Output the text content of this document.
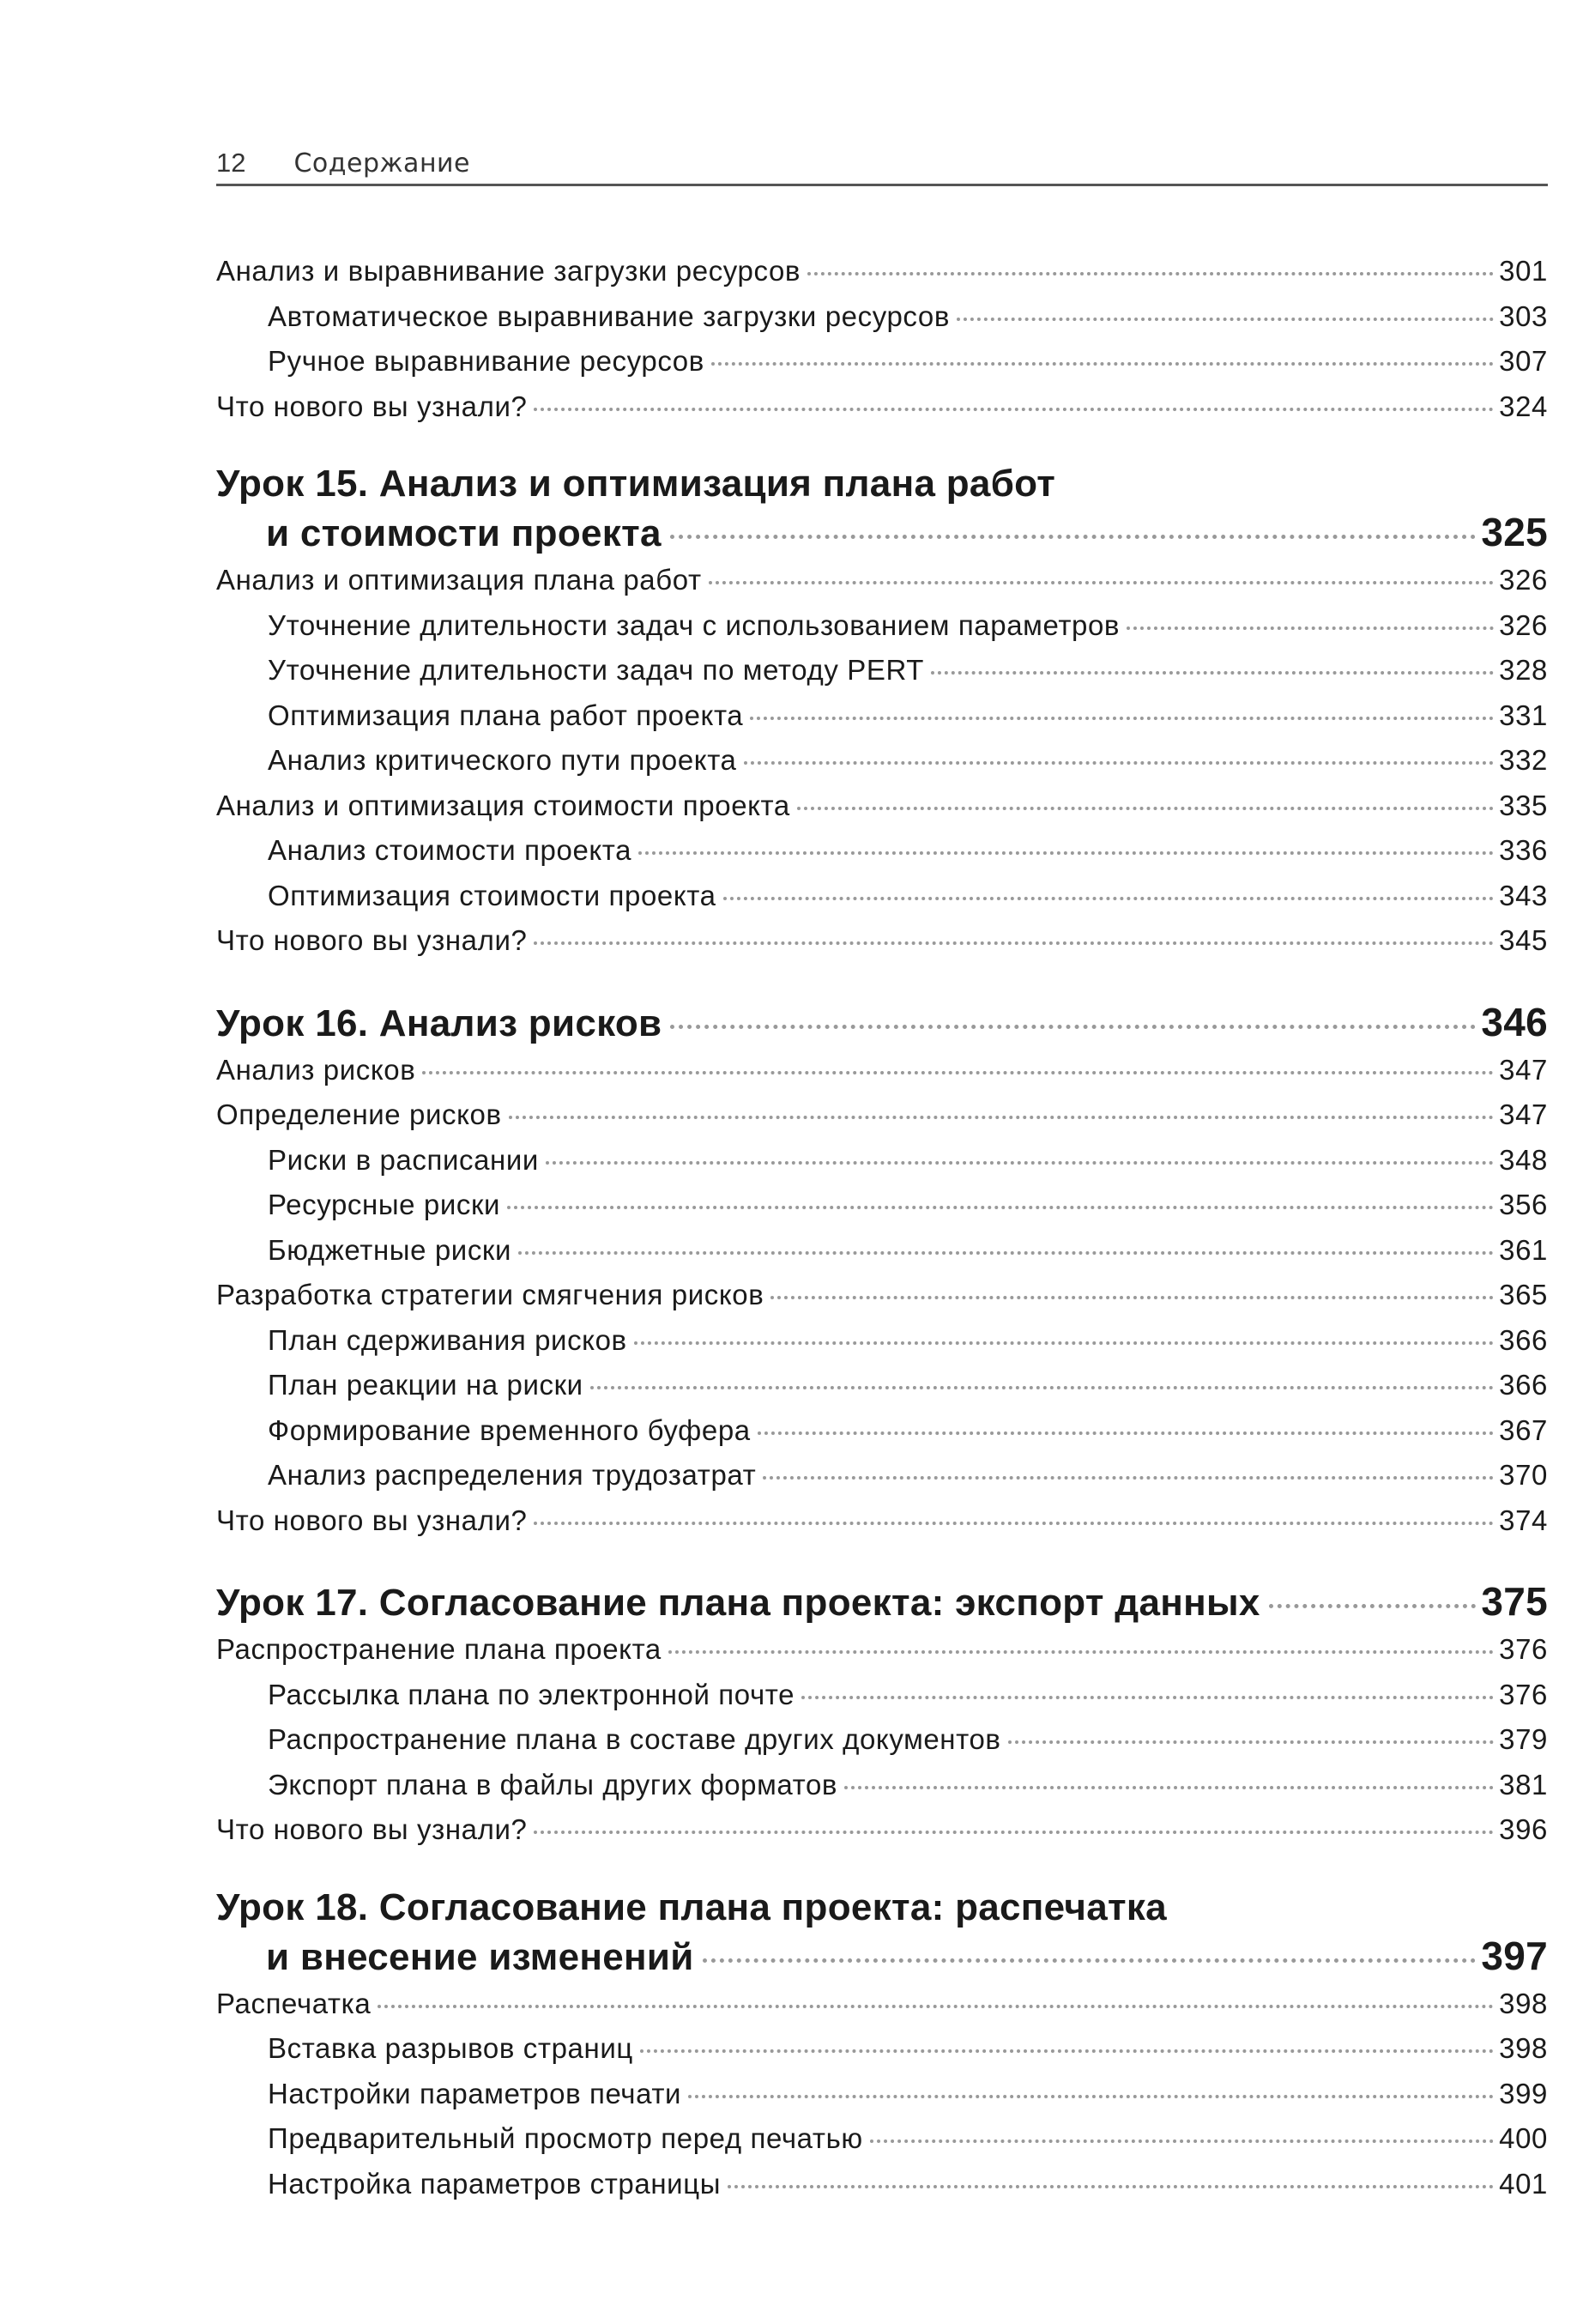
12 Содержание
Анализ и выравнивание загрузки ресурсов	301
Автоматическое выравнивание загрузки ресурсов	303
Ручное выравнивание ресурсов	307
Что нового вы узнали?	324
Урок 15. Анализ и оптимизация плана работ
и стоимости проекта	325
Анализ и оптимизация плана работ	326
Уточнение длительности задач с использованием параметров	326
Уточнение длительности задач по методу PERT	328
Оптимизация плана работ проекта	331
Анализ критического пути проекта	332
Анализ и оптимизация стоимости проекта	335
Анализ стоимости проекта	336
Оптимизация стоимости проекта	343
Что нового вы узнали?	345
Урок 16. Анализ рисков	346
Анализ рисков	347
Определение рисков	347
Риски в расписании	348
Ресурсные риски	356
Бюджетные риски	361
Разработка стратегии смягчения рисков	365
План сдерживания рисков	366
План реакции на риски	366
Формирование временного буфера	367
Анализ распределения трудозатрат	370
Что нового вы узнали?	374
Урок 17. Согласование плана проекта: экспорт данных	375
Распространение плана проекта	376
Рассылка плана по электронной почте	376
Распространение плана в составе других документов	379
Экспорт плана в файлы других форматов	381
Что нового вы узнали?	396
Урок 18. Согласование плана проекта: распечатка
и внесение изменений	397
Распечатка	398
Вставка разрывов страниц	398
Настройки параметров печати	399
Предварительный просмотр перед печатью	400
Настройка параметров страницы	401
